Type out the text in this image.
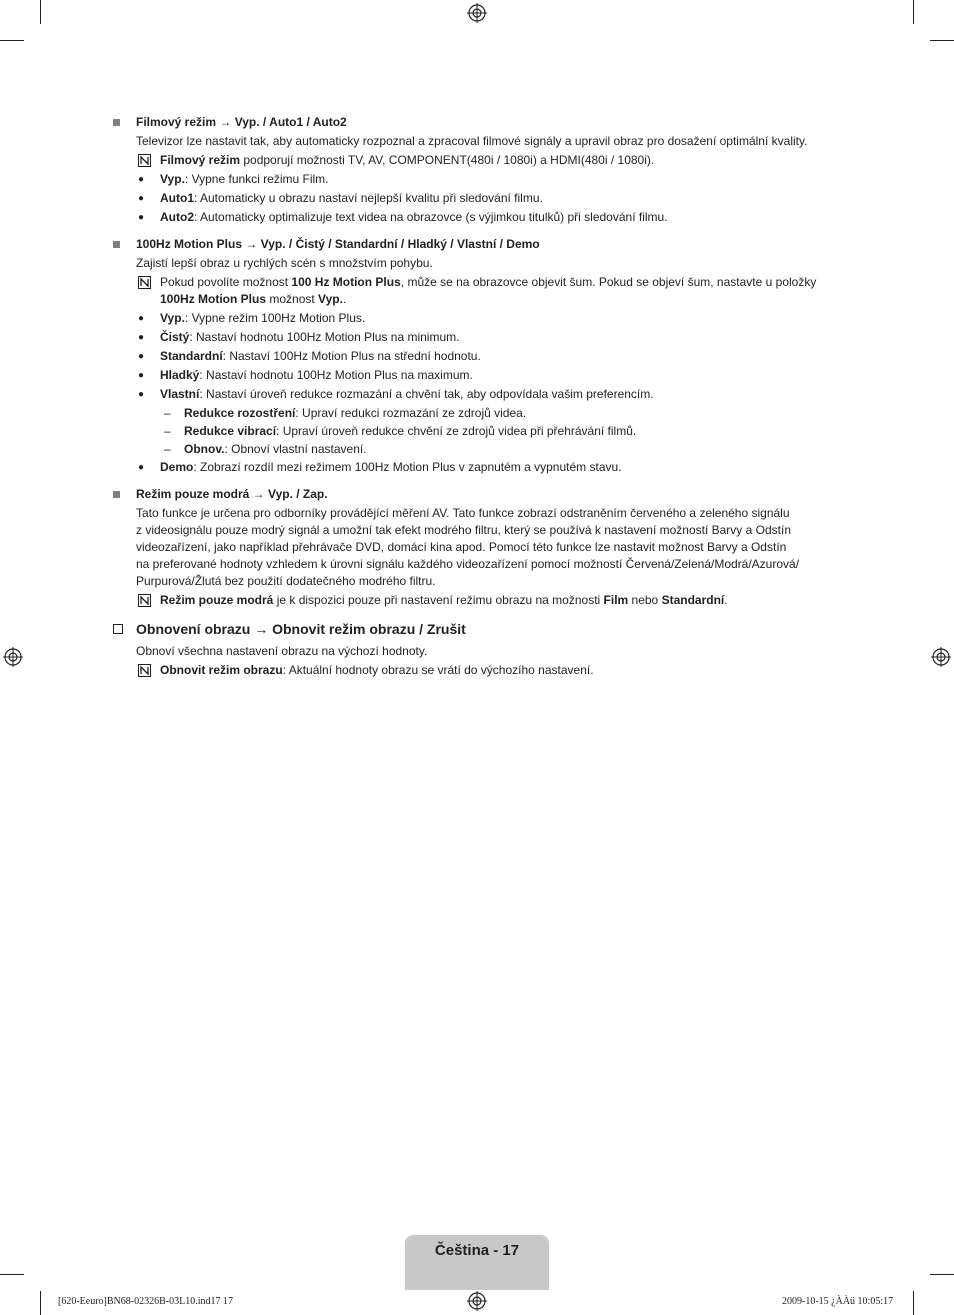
Filmový režim → Vyp. / Auto1 / Auto2
Televizor lze nastavit tak, aby automaticky rozpoznal a zpracoval filmové signály a upravil obraz pro dosažení optimální kvality.
Filmový režim podporují možnosti TV, AV, COMPONENT(480i / 1080i) a HDMI(480i / 1080i).
● Vyp.: Vypne funkci režimu Film.
● Auto1: Automaticky u obrazu nastaví nejlepší kvalitu při sledování filmu.
● Auto2: Automaticky optimalizuje text videa na obrazovce (s výjimkou titulků) při sledování filmu.
100Hz Motion Plus → Vyp. / Čistý / Standardní / Hladký / Vlastní / Demo
Zajistí lepší obraz u rychlých scén s množstvím pohybu.
Pokud povolíte možnost 100 Hz Motion Plus, může se na obrazovce objevit šum. Pokud se objeví šum, nastavte u položky 100Hz Motion Plus možnost Vyp..
● Vyp.: Vypne režim 100Hz Motion Plus.
● Čistý: Nastaví hodnotu 100Hz Motion Plus na minimum.
● Standardní: Nastaví 100Hz Motion Plus na střední hodnotu.
● Hladký: Nastaví hodnotu 100Hz Motion Plus na maximum.
● Vlastní: Nastaví úroveň redukce rozmazání a chvění tak, aby odpovídala vašim preferencím.
– Redukce rozostření: Upraví redukci rozmazání ze zdrojů videa.
– Redukce vibrací: Upraví úroveň redukce chvění ze zdrojů videa při přehrávání filmů.
– Obnov.: Obnoví vlastní nastavení.
● Demo: Zobrazí rozdíl mezi režimem 100Hz Motion Plus v zapnutém a vypnutém stavu.
Režim pouze modrá → Vyp. / Zap.
Tato funkce je určena pro odborníky provádějící měření AV. Tato funkce zobrazí odstraněním červeného a zeleného signálu
z videosignálu pouze modrý signál a umožní tak efekt modrého filtru, který se používá k nastavení možností Barvy a Odstín
videozařízení, jako například přehrávače DVD, domácí kina apod. Pomocí této funkce lze nastavit možnost Barvy a Odstín
na preferované hodnoty vzhledem k úrovni signálu každého videozařízení pomocí možností Červená/Zelená/Modrá/Azurová/
Purpurová/Žlutá bez použití dodatečného modrého filtru.
Režim pouze modrá je k dispozici pouze při nastavení režimu obrazu na možnosti Film nebo Standardní.
Obnovení obrazu → Obnovit režim obrazu / Zrušit
Obnoví všechna nastavení obrazu na výchozí hodnoty.
Obnovit režim obrazu: Aktuální hodnoty obrazu se vrátí do výchozího nastavení.
Čeština - 17
[620-Eeuro]BN68-02326B-03L10.ind17 17	2009-10-15 ¿ÀÀü 10:05:17
